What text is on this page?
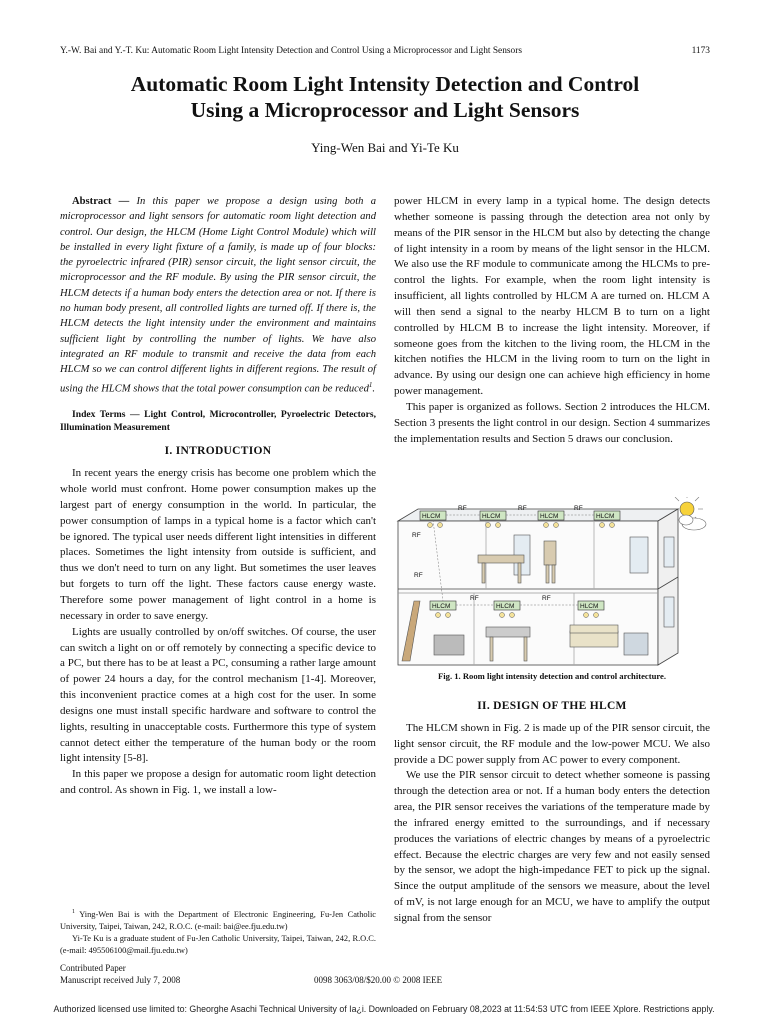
Y.-W. Bai and Y.-T. Ku: Automatic Room Light Intensity Detection and Control Using a Microprocessor and Light Sensors	1173
Automatic Room Light Intensity Detection and Control
Using a Microprocessor and Light Sensors
Ying-Wen Bai and Yi-Te Ku

Abstract — In this paper we propose a design using both a microprocessor and light sensors for automatic room light detection and control. Our design, the HLCM (Home Light Control Module) which will be installed in every light fixture of a family, is made up of four blocks: the pyroelectric infrared (PIR) sensor circuit, the light sensor circuit, the microprocessor and the RF module. By using the PIR sensor circuit, the HLCM detects if a human body enters the detection area or not. If there is no human body present, all controlled lights are turned off. If there is, the HLCM detects the light intensity under the environment and maintains sufficient light by controlling the number of lights. We have also integrated an RF module to transmit and receive the data from each HLCM so we can control different lights in different regions. The result of using the HLCM shows that the total power consumption can be reduced$^1$.

Index Terms — Light Control, Microcontroller, Pyroelectric Detectors, Illumination Measurement

I. INTRODUCTION

In recent years the energy crisis has become one problem which the whole world must confront. Home power consumption makes up the largest part of energy consumption in the world. In particular, the power consumption of lamps in a typical home is a factor which can't be ignored. The typical user needs different light intensities in different places. Sometimes the light intensity from outside is sufficient, and thus we don't need to turn on any light. But sometimes the user leaves but forgets to turn off the light. These factors cause energy waste. Therefore some power management of light control in a home is necessary in order to save energy.

Lights are usually controlled by on/off switches. Of course, the user can switch a light on or off remotely by connecting a specific device to a PC, but there has to be at least a PC, consuming a rather large amount of power 24 hours a day, for the control mechanism [1-4]. Moreover, this inconvenient practice comes at a high cost for the user. In some designs one must install specific hardware and software to control the lights, resulting in unacceptable costs. Furthermore this type of system cannot detect either the temperature of the human body or the room light intensity [5-8].

In this paper we propose a design for automatic room light detection and control. As shown in Fig. 1, we install a low-

power HLCM in every lamp in a typical home. The design detects whether someone is passing through the detection area not only by means of the PIR sensor in the HLCM but also by detecting the change of light intensity in a room by means of the light sensor in the HLCM. We also use the RF module to communicate among the HLCMs to pre-control the lights. For example, when the room light intensity is insufficient, all lights controlled by HLCM A are turned on. HLCM A will then send a signal to the nearby HLCM B to turn on a light controlled by HLCM B to increase the light intensity. Moreover, if someone goes from the kitchen to the living room, the HLCM in the kitchen notifies the HLCM in the living room to turn on the light in advance. By using our design one can achieve high efficiency in home power management.

This paper is organized as follows. Section 2 introduces the HLCM. Section 3 presents the light control in our design. Section 4 summarizes the implementation results and Section 5 draws our conclusion.

HLCM	HLCM	HLCM	HLCM
HLCM	HLCM	HLCM
RF	RF	RF
RF
RF
RF	RF
Fig. 1. Room light intensity detection and control architecture.
II. DESIGN OF THE HLCM

The HLCM shown in Fig. 2 is made up of the PIR sensor circuit, the light sensor circuit, the RF module and the low-power MCU. We also provide a DC power supply from AC power to every component.

We use the PIR sensor circuit to detect whether someone is passing through the detection area or not. If a human body enters the detection area, the PIR sensor receives the variations of the temperature made by the infrared energy emitted to the surroundings, and if necessary produces the variations of electric changes by means of a pyroelectric effect. Because the electric charges are very few and not easily sensed by the sensor, we adopt the high-impedance FET to pick up the signal. Since the output amplitude of the sensors we measure, about the level of mV, is not large enough for an MCU, we have to amplify the output signal from the sensor

$^1$ Ying-Wen Bai is with the Department of Electronic Engineering, Fu-Jen Catholic University, Taipei, Taiwan, 242, R.O.C. (e-mail: bai@ee.fju.edu.tw)

Yi-Te Ku is a graduate student of Fu-Jen Catholic University, Taipei, Taiwan, 242, R.O.C. (e-mail: 495506100@mail.fju.edu.tw)

Contributed Paper
Manuscript received July 7, 2008	0098 3063/08/$20.00 © 2008 IEEE
Authorized licensed use limited to: Gheorghe Asachi Technical University of Ia¿i. Downloaded on February 08,2023 at 11:54:53 UTC from IEEE Xplore. Restrictions apply.
